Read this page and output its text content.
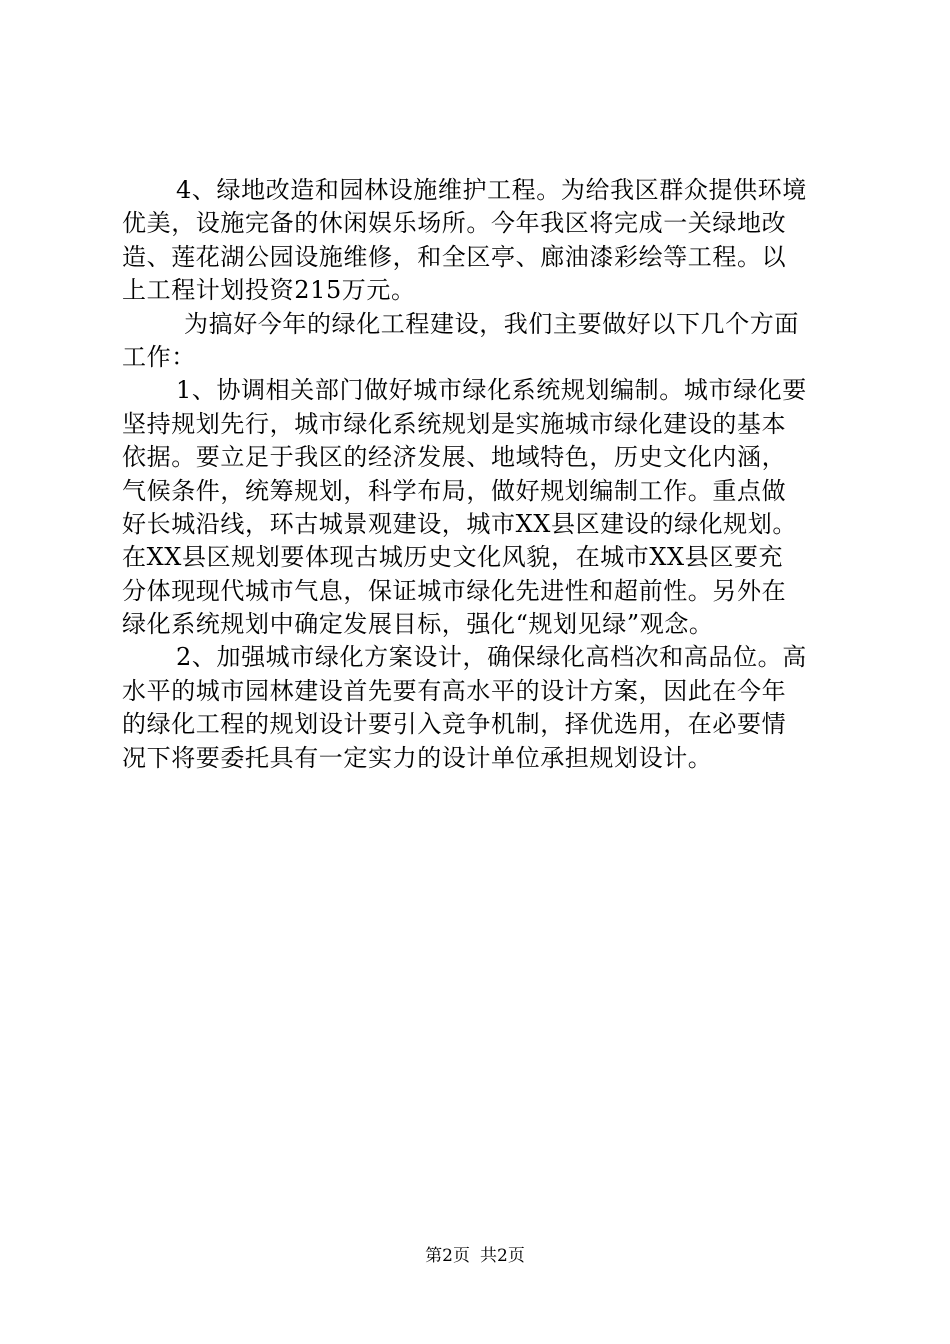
4、绿地改造和园林设施维护工程。为给我区群众提供环境
优美，设施完备的休闲娱乐场所。今年我区将完成一关绿地改
造、莲花湖公园设施维修，和全区亭、廊油漆彩绘等工程。以
上工程计划投资215万元。
为搞好今年的绿化工程建设，我们主要做好以下几个方面
工作：
1、协调相关部门做好城市绿化系统规划编制。城市绿化要
坚持规划先行，城市绿化系统规划是实施城市绿化建设的基本
依据。要立足于我区的经济发展、地域特色，历史文化内涵，
气候条件，统筹规划，科学布局，做好规划编制工作。重点做
好长城沿线，环古城景观建设，城市XX县区建设的绿化规划。
在XX县区规划要体现古城历史文化风貌，在城市XX县区要充
分体现现代城市气息，保证城市绿化先进性和超前性。另外在
绿化系统规划中确定发展目标，强化“规划见绿”观念。
2、加强城市绿化方案设计，确保绿化高档次和高品位。高
水平的城市园林建设首先要有高水平的设计方案，因此在今年
的绿化工程的规划设计要引入竞争机制，择优选用，在必要情
况下将要委托具有一定实力的设计单位承担规划设计。
第2页 共2页
